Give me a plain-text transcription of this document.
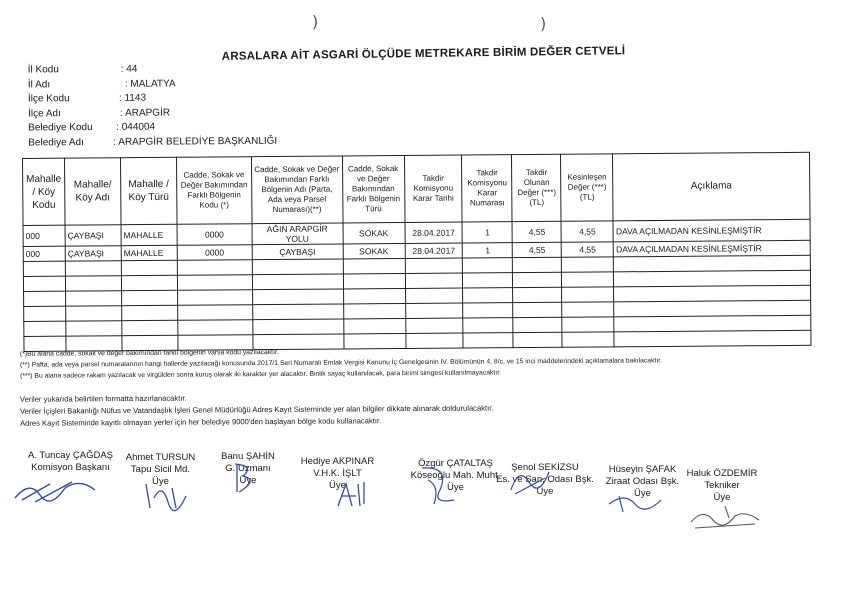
)	)
ARSALARA AİT ASGARİ ÖLÇÜDE METREKARE BİRİM DEĞER CETVELİ
İl Kodu	: 44
İl Adı	: MALATYA
İlçe Kodu	: 1143
İlçe Adı	: ARAPGİR
Belediye Kodu : 044004
Belediye Adı	: ARAPGİR BELEDİYE BAŞKANLIĞI
Mahalle / Köy Kodu	Mahalle/ Köy Adı	Mahalle / Köy Türü	Cadde, Sokak ve Değer Bakımından Farklı Bölgenin Kodu (*)	Cadde, Sokak ve Değer Bakımından Farklı Bölgenin Adı (Parta, Ada veya Parsel Numarası)(**)	Cadde, Sokak ve Değer Bakımından Farklı Bölgenin Türü	Takdir Komisyonu Karar Tarihi	Takdir Komisyonu Karar Numarası	Takdir Olunan Değer (***) (TL)	Kesinleşen Değer (***) (TL)	Açıklama
000	ÇAYBAŞI	MAHALLE	0000	AĞIN ARAPGİR YOLU	SOKAK	28.04.2017	1	4,55	4,55	DAVA AÇILMADAN KESİNLEŞMİŞTİR
000	ÇAYBAŞI	MAHALLE	0000	ÇAYBAŞI	SOKAK	28.04.2017	1	4,55	4,55	DAVA AÇILMADAN KESİNLEŞMİŞTİR

(*)Bu alana cadde, sokak ve değer bakımından farklı bölgenin varsa kodu yazılacaktır.
(**) Pafta, ada veya parsel numaralarının hangi hallerde yazılacağı konusunda 2017/1 Seri Numaralı Emlak Vergisi Kanunu İç Genelgesinin IV. Bölümünün 4, 8/c, ve 15 inci maddelerindeki açıklamalara bakılacaktır.
(***) Bu alana sadece rakam yazılacak ve virgülden sonra kuruş olarak iki karakter yer alacaktır. Binlik sayaç kullanılacak, para birimi simgesi kullanılmayacaktır.
Veriler yukarıda belirtilen formatta hazırlanacaktır.
Veriler İçişleri Bakanlığı Nüfus ve Vatandaşlık İşleri Genel Müdürlüğü Adres Kayıt Sisteminde yer alan bilgiler dikkate alınarak doldurulacaktır.
Adres Kayıt Sisteminde kayıtlı olmayan yerler için her belediye 9000'den başlayan bölge kodu kullanacaktır.
A. Tuncay ÇAĞDAŞ
Komisyon Başkanı
Ahmet TURSUN
Tapu Sicil Md.
Üye
Banu ŞAHİN
G. Uzmanı
Üye
Hediye AKPINAR
V.H.K. İŞLT
Üye
Özgür ÇATALTAŞ
Köseoğlu Mah. Muht.
Üye
Şenol SEKİZSU
Es. ve San. Odası Bşk.
Üye
Hüseyin ŞAFAK
Ziraat Odası Bşk.
Üye
Haluk ÖZDEMİR
Tekniker
Üye
